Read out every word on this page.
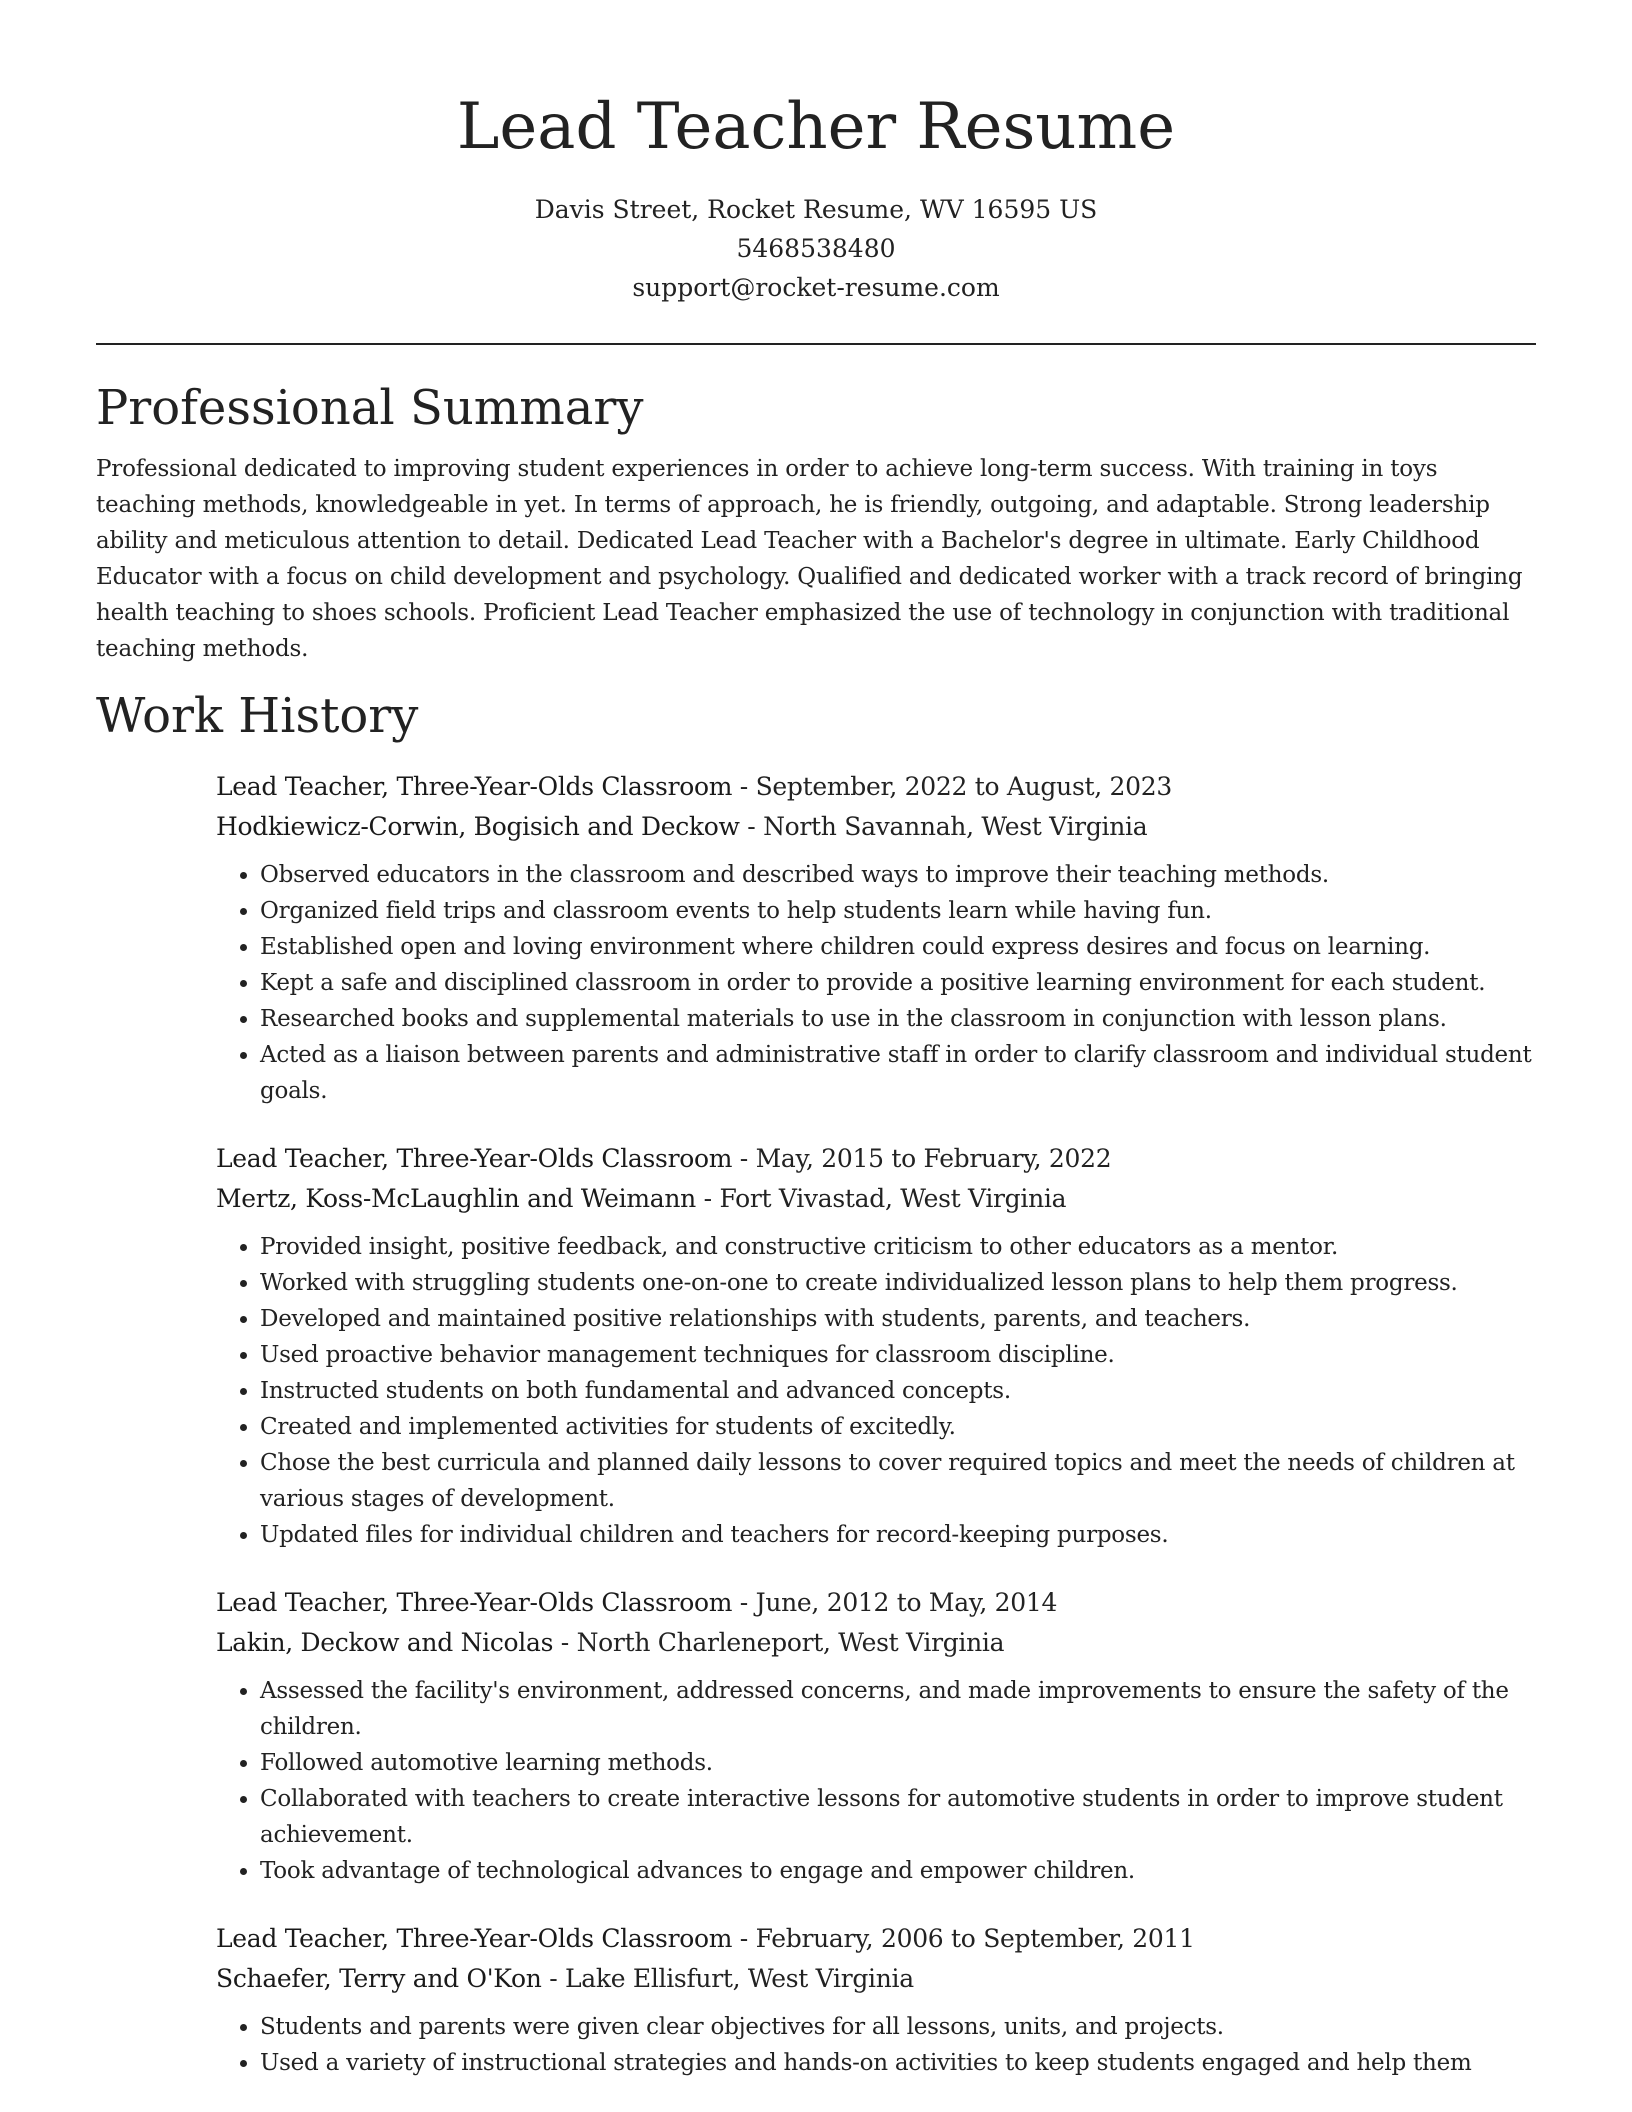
Lead Teacher Resume

Davis Street, Rocket Resume, WV 16595 US

5468538480

support@rocket-resume.com

Professional Summary

Professional dedicated to improving student experiences in order to achieve long-term success. With training in toys teaching methods, knowledgeable in yet. In terms of approach, he is friendly, outgoing, and adaptable. Strong leadership ability and meticulous attention to detail. Dedicated Lead Teacher with a Bachelor's degree in ultimate. Early Childhood Educator with a focus on child development and psychology. Qualified and dedicated worker with a track record of bringing health teaching to shoes schools. Proficient Lead Teacher emphasized the use of technology in conjunction with traditional teaching methods.

Work History

Lead Teacher, Three-Year-Olds Classroom - September, 2022 to August, 2023

Hodkiewicz-Corwin, Bogisich and Deckow - North Savannah, West Virginia

• Observed educators in the classroom and described ways to improve their teaching methods.
• Organized field trips and classroom events to help students learn while having fun.
• Established open and loving environment where children could express desires and focus on learning.
• Kept a safe and disciplined classroom in order to provide a positive learning environment for each student.
• Researched books and supplemental materials to use in the classroom in conjunction with lesson plans.
• Acted as a liaison between parents and administrative staff in order to clarify classroom and individual student goals.

Lead Teacher, Three-Year-Olds Classroom - May, 2015 to February, 2022

Mertz, Koss-McLaughlin and Weimann - Fort Vivastad, West Virginia

• Provided insight, positive feedback, and constructive criticism to other educators as a mentor.
• Worked with struggling students one-on-one to create individualized lesson plans to help them progress.
• Developed and maintained positive relationships with students, parents, and teachers.
• Used proactive behavior management techniques for classroom discipline.
• Instructed students on both fundamental and advanced concepts.
• Created and implemented activities for students of excitedly.
• Chose the best curricula and planned daily lessons to cover required topics and meet the needs of children at various stages of development.
• Updated files for individual children and teachers for record-keeping purposes.

Lead Teacher, Three-Year-Olds Classroom - June, 2012 to May, 2014

Lakin, Deckow and Nicolas - North Charleneport, West Virginia

• Assessed the facility's environment, addressed concerns, and made improvements to ensure the safety of the children.
• Followed automotive learning methods.
• Collaborated with teachers to create interactive lessons for automotive students in order to improve student achievement.
• Took advantage of technological advances to engage and empower children.

Lead Teacher, Three-Year-Olds Classroom - February, 2006 to September, 2011

Schaefer, Terry and O'Kon - Lake Ellisfurt, West Virginia

• Students and parents were given clear objectives for all lessons, units, and projects.
• Used a variety of instructional strategies and hands-on activities to keep students engaged and help them
